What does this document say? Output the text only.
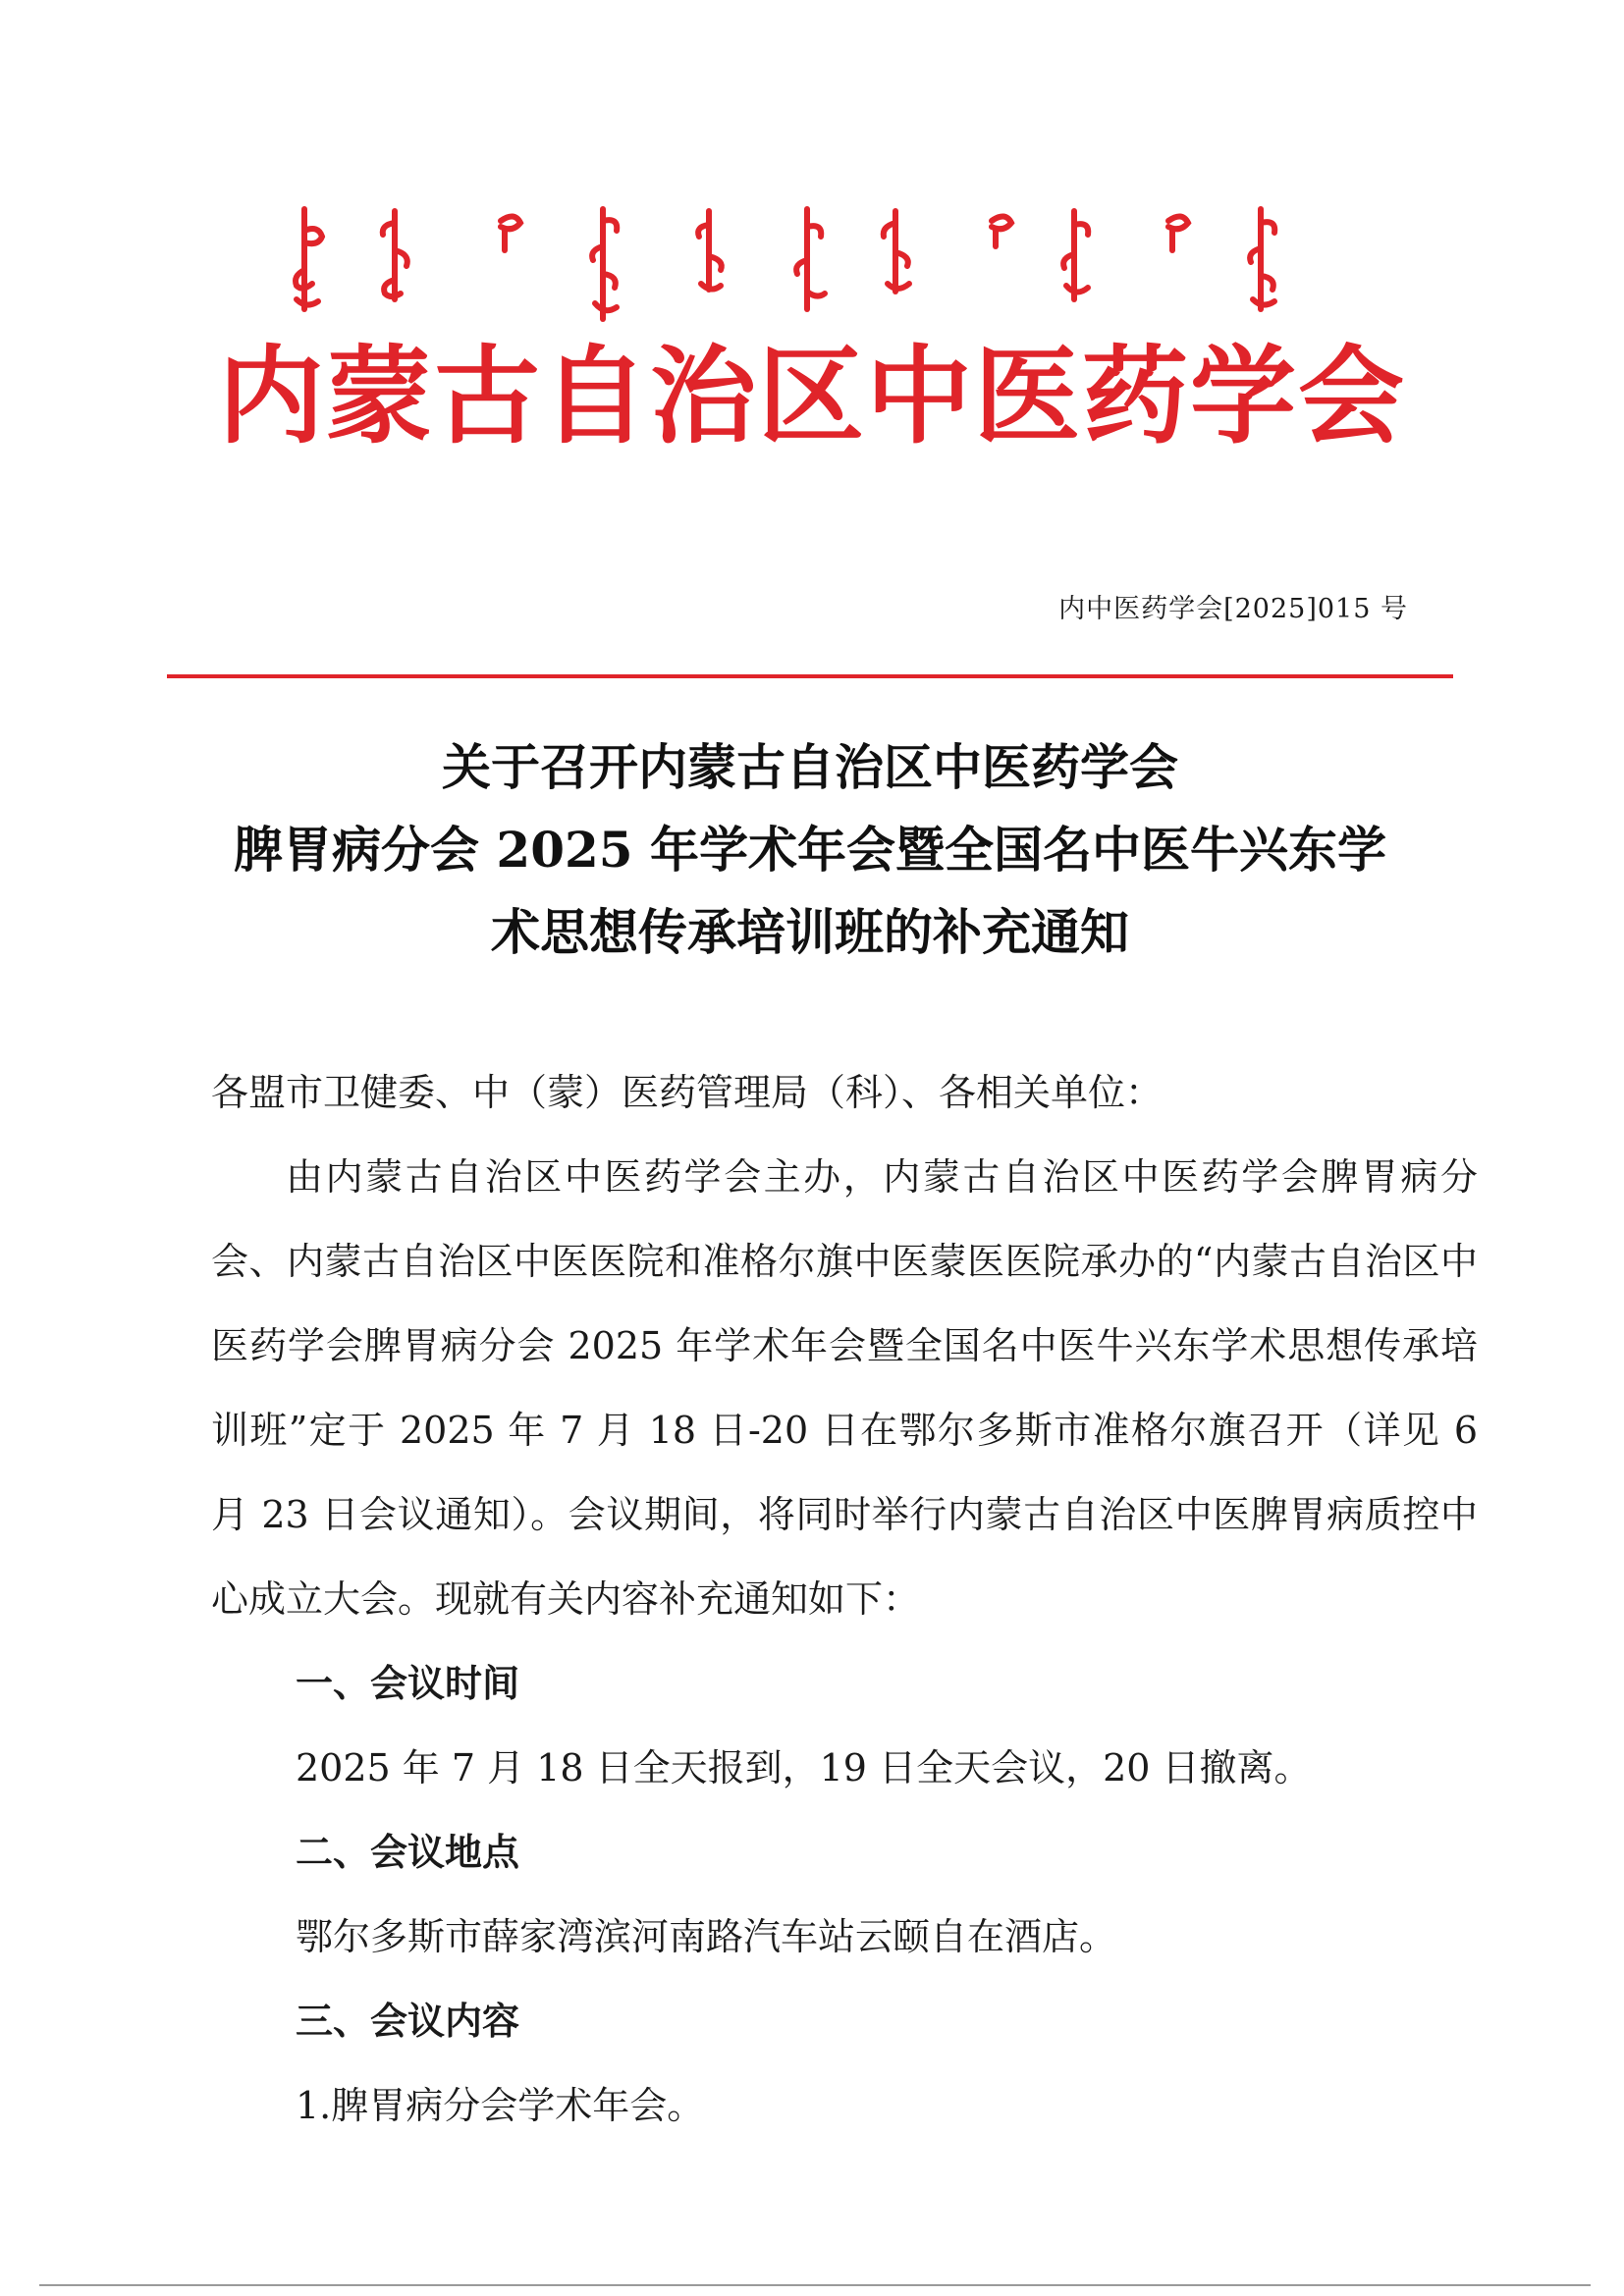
内蒙古自治区中医药学会
内中医药学会[2025]015 号
关于召开内蒙古自治区中医药学会
脾胃病分会 2025 年学术年会暨全国名中医牛兴东学
术思想传承培训班的补充通知

各盟市卫健委、中（蒙）医药管理局（科）、各相关单位：

由内蒙古自治区中医药学会主办，内蒙古自治区中医药学会脾胃病分会、内蒙古自治区中医医院和准格尔旗中医蒙医医院承办的“内蒙古自治区中医药学会脾胃病分会 2025 年学术年会暨全国名中医牛兴东学术思想传承培训班”定于 2025 年 7 月 18 日-20 日在鄂尔多斯市准格尔旗召开（详见 6 月 23 日会议通知）。会议期间，将同时举行内蒙古自治区中医脾胃病质控中心成立大会。现就有关内容补充通知如下：

一、会议时间

2025 年 7 月 18 日全天报到，19 日全天会议，20 日撤离。

二、会议地点

鄂尔多斯市薛家湾滨河南路汽车站云颐自在酒店。

三、会议内容

1.脾胃病分会学术年会。
